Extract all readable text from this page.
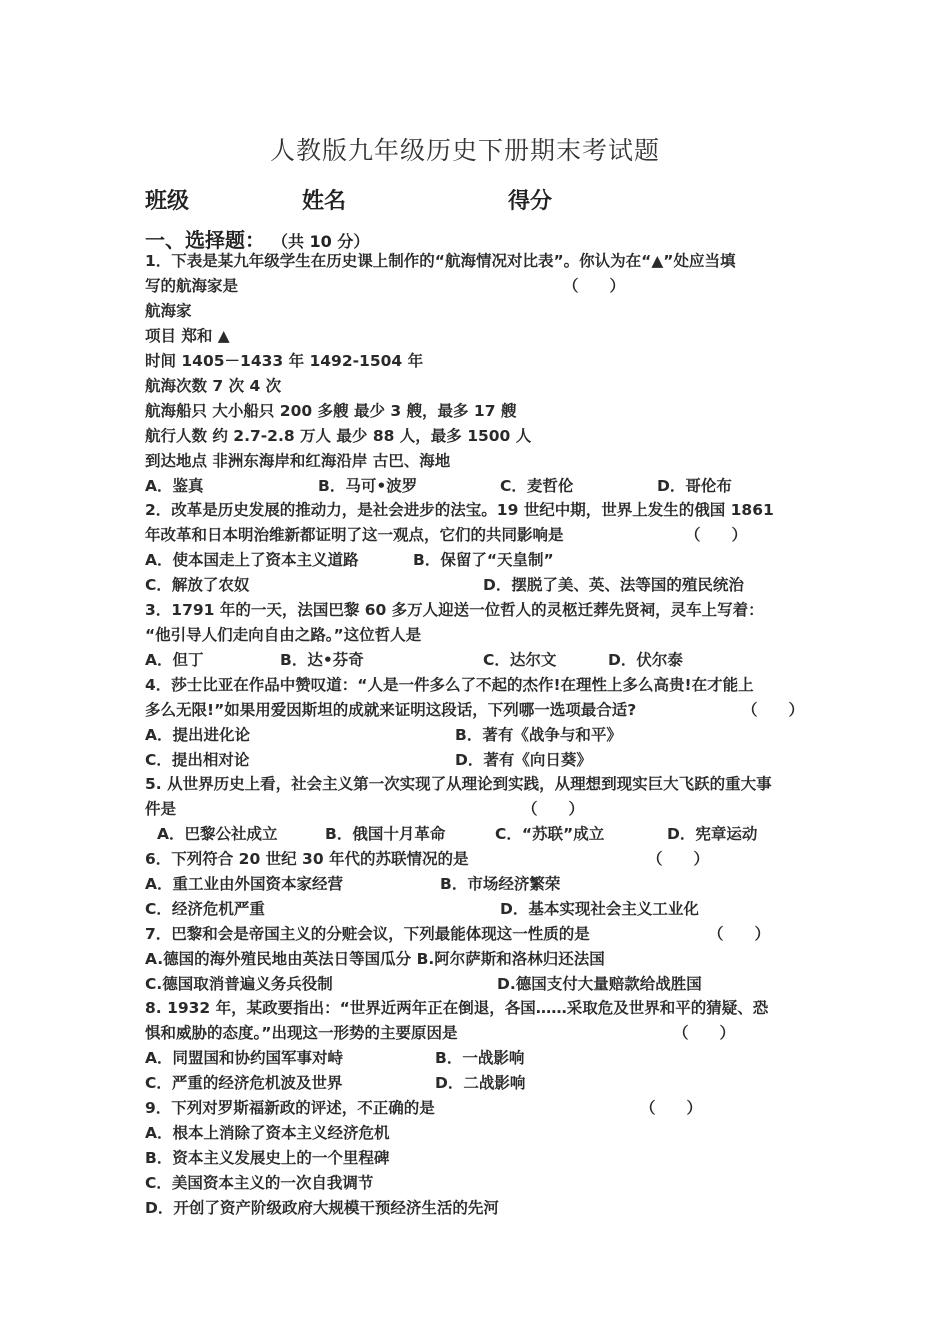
人教版九年级历史下册期末考试题
班级	姓名	得分
一、选择题： （共 10 分）
1．下表是某九年级学生在历史课上制作的“航海情况对比表”。你认为在“▲”处应当填
写的航海家是	（　　）
航海家
项目 郑和 ▲
时间 1405－1433 年 1492-1504 年
航海次数 7 次 4 次
航海船只 大小船只 200 多艘 最少 3 艘，最多 17 艘
航行人数 约 2.7-2.8 万人 最少 88 人，最多 1500 人
到达地点 非洲东海岸和红海沿岸 古巴、海地
A．鉴真	B．马可•波罗	C．麦哲伦	D．哥伦布
2．改革是历史发展的推动力，是社会进步的法宝。19 世纪中期，世界上发生的俄国 1861
年改革和日本明治维新都证明了这一观点，它们的共同影响是	（　　）
A．使本国走上了资本主义道路	B．保留了“天皇制”
C．解放了农奴	D．摆脱了美、英、法等国的殖民统治
3．1791 年的一天，法国巴黎 60 多万人迎送一位哲人的灵柩迁葬先贤祠，灵车上写着：
“他引导人们走向自由之路。”这位哲人是
A．但丁	B．达•芬奇	C．达尔文	D．伏尔泰
4．莎士比亚在作品中赞叹道：“人是一件多么了不起的杰作!在理性上多么高贵!在才能上
多么无限!”如果用爱因斯坦的成就来证明这段话，下列哪一选项最合适?	（　　）
A．提出进化论	B．著有《战争与和平》
C．提出相对论	D．著有《向日葵》
5. 从世界历史上看，社会主义第一次实现了从理论到实践，从理想到现实巨大飞跃的重大事
件是	（　　）
A．巴黎公社成立	B．俄国十月革命	C．“苏联”成立	D．宪章运动
6．下列符合 20 世纪 30 年代的苏联情况的是	（　　）
A．重工业由外国资本家经营	B．市场经济繁荣
C．经济危机严重	D．基本实现社会主义工业化
7．巴黎和会是帝国主义的分赃会议，下列最能体现这一性质的是	（　　）
A.德国的海外殖民地由英法日等国瓜分 B.阿尔萨斯和洛林归还法国
C.德国取消普遍义务兵役制	D.德国支付大量赔款给战胜国
8. 1932 年，某政要指出：“世界近两年正在倒退，各国……采取危及世界和平的猜疑、恐
惧和威胁的态度。”出现这一形势的主要原因是	（　　）
A．同盟国和协约国军事对峙	B．一战影响
C．严重的经济危机波及世界	D．二战影响
9．下列对罗斯福新政的评述，不正确的是	（　　）
A．根本上消除了资本主义经济危机
B．资本主义发展史上的一个里程碑
C．美国资本主义的一次自我调节
D．开创了资产阶级政府大规模干预经济生活的先河
